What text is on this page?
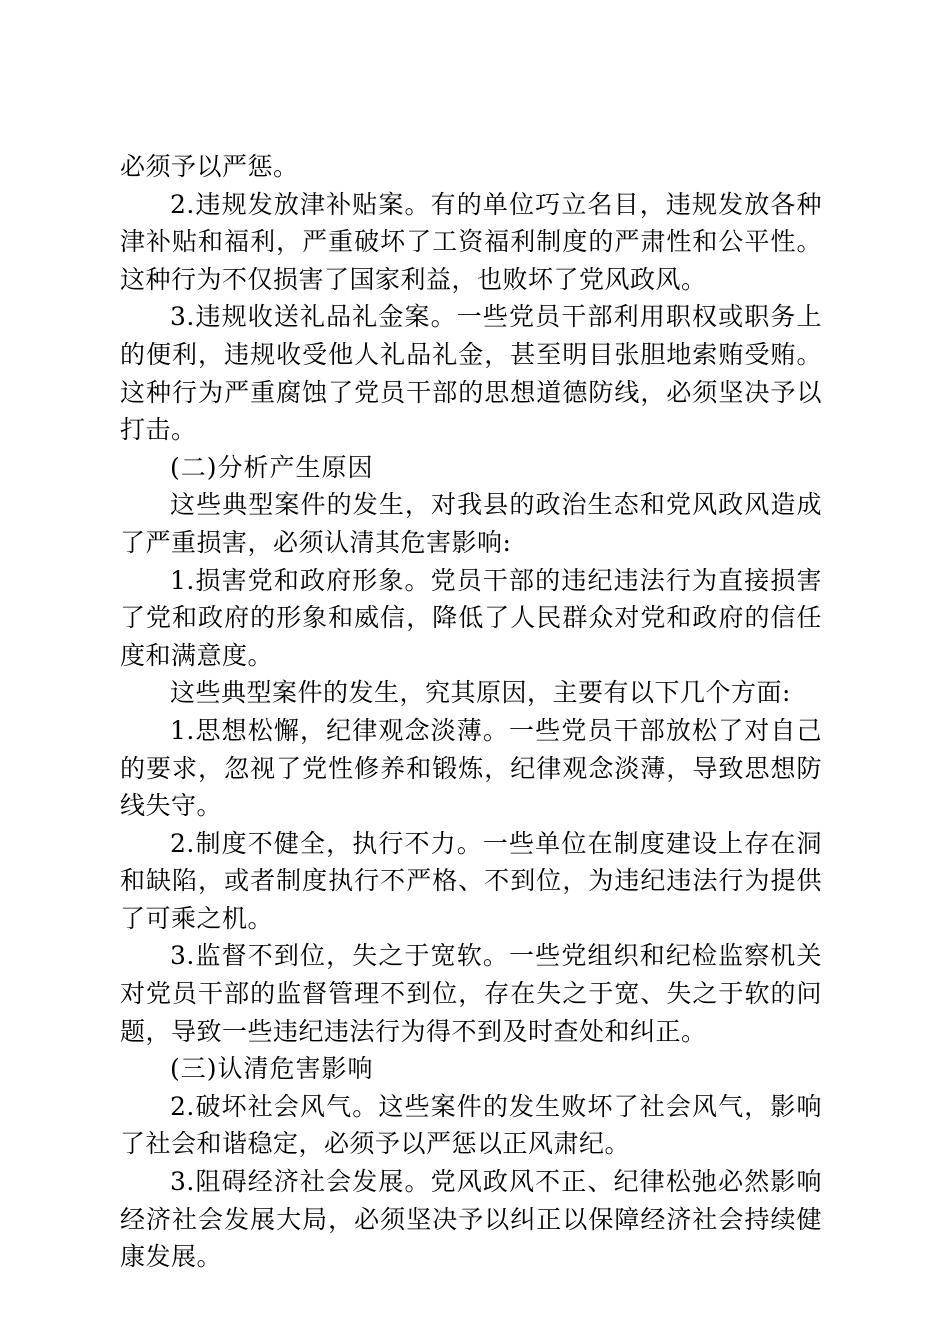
必须予以严惩。

2.违规发放津补贴案。有的单位巧立名目，违规发放各种津补贴和福利，严重破坏了工资福利制度的严肃性和公平性。这种行为不仅损害了国家利益，也败坏了党风政风。

3.违规收送礼品礼金案。一些党员干部利用职权或职务上的便利，违规收受他人礼品礼金，甚至明目张胆地索贿受贿。这种行为严重腐蚀了党员干部的思想道德防线，必须坚决予以打击。

(二)分析产生原因

这些典型案件的发生，对我县的政治生态和党风政风造成了严重损害，必须认清其危害影响:

1.损害党和政府形象。党员干部的违纪违法行为直接损害了党和政府的形象和威信，降低了人民群众对党和政府的信任度和满意度。

这些典型案件的发生，究其原因，主要有以下几个方面:

1.思想松懈，纪律观念淡薄。一些党员干部放松了对自己的要求，忽视了党性修养和锻炼，纪律观念淡薄，导致思想防线失守。

2.制度不健全，执行不力。一些单位在制度建设上存在洞和缺陷，或者制度执行不严格、不到位，为违纪违法行为提供了可乘之机。

3.监督不到位，失之于宽软。一些党组织和纪检监察机关对党员干部的监督管理不到位，存在失之于宽、失之于软的问题，导致一些违纪违法行为得不到及时查处和纠正。

(三)认清危害影响

2.破坏社会风气。这些案件的发生败坏了社会风气，影响了社会和谐稳定，必须予以严惩以正风肃纪。

3.阻碍经济社会发展。党风政风不正、纪律松弛必然影响经济社会发展大局，必须坚决予以纠正以保障经济社会持续健康发展。
